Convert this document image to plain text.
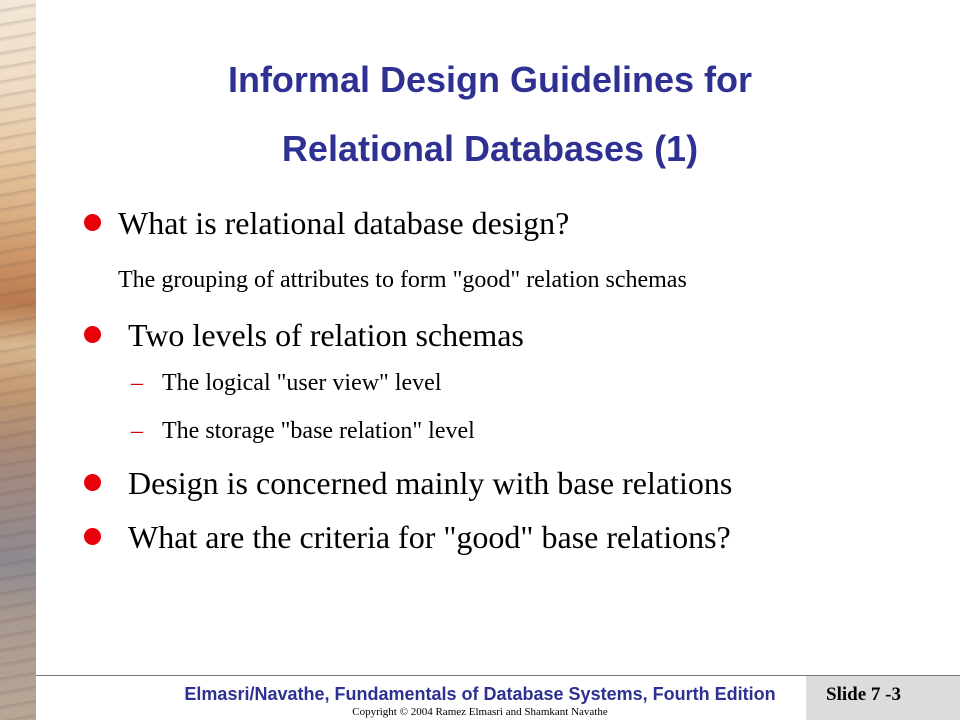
Informal Design Guidelines for
Relational Databases (1)
What is relational database design?
The grouping of attributes to form "good" relation schemas
Two levels of relation schemas
– The logical "user view" level
– The storage "base relation" level
Design is concerned mainly with base relations
What are the criteria for "good" base relations?
Elmasri/Navathe, Fundamentals of Database Systems, Fourth Edition
Copyright © 2004 Ramez Elmasri and Shamkant Navathe
Slide 7 -3
